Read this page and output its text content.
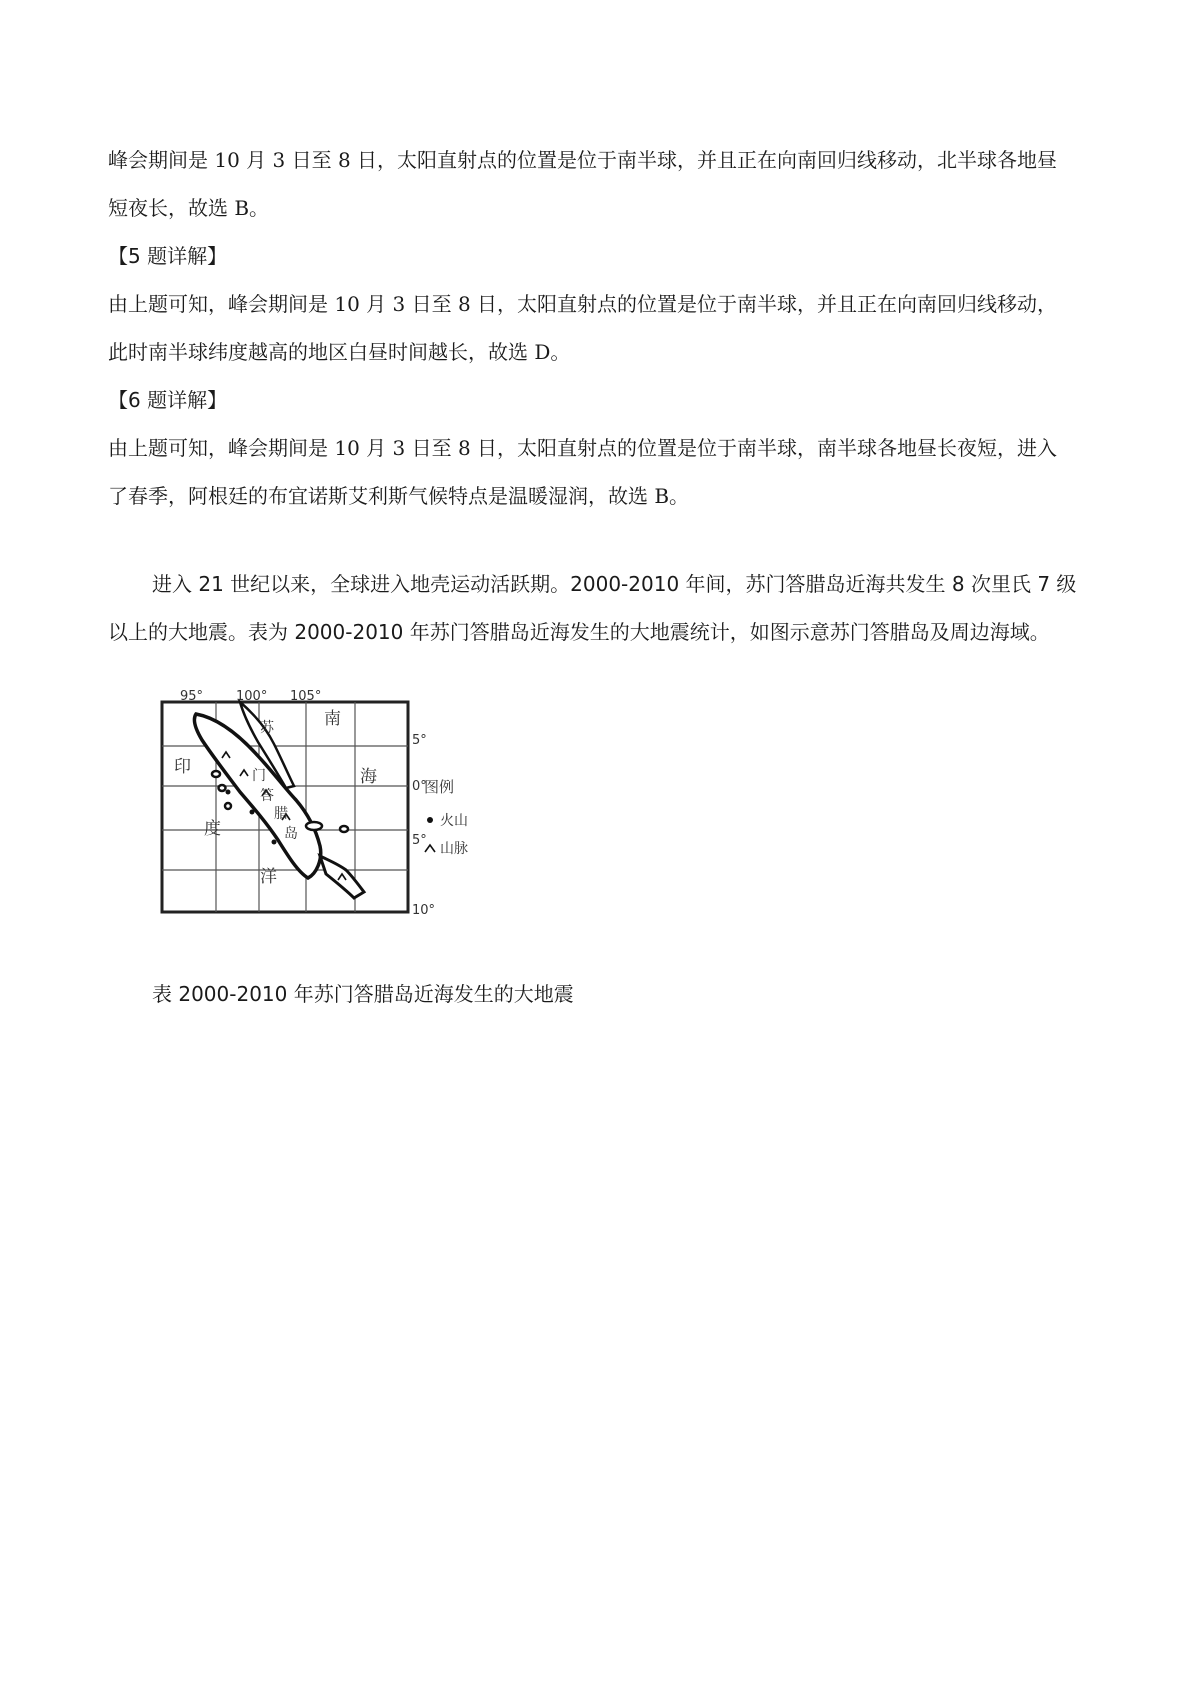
峰会期间是 10 月 3 日至 8 日，太阳直射点的位置是位于南半球，并且正在向南回归线移动，北半球各地昼
短夜长，故选 B。
【5 题详解】
由上题可知，峰会期间是 10 月 3 日至 8 日，太阳直射点的位置是位于南半球，并且正在向南回归线移动，
此时南半球纬度越高的地区白昼时间越长，故选 D。
【6 题详解】
由上题可知，峰会期间是 10 月 3 日至 8 日，太阳直射点的位置是位于南半球，南半球各地昼长夜短，进入
了春季，阿根廷的布宜诺斯艾利斯气候特点是温暖湿润，故选 B。
进入 21 世纪以来，全球进入地壳运动活跃期。2000-2010 年间，苏门答腊岛近海共发生 8 次里氏 7 级
以上的大地震。表为 2000-2010 年苏门答腊岛近海发生的大地震统计，如图示意苏门答腊岛及周边海域。
95°	100° 105°
5°
0°
5°
10°
南
海
印
度
洋
苏
门
答
腊
岛
图例
火山
山脉
表 2000-2010 年苏门答腊岛近海发生的大地震
